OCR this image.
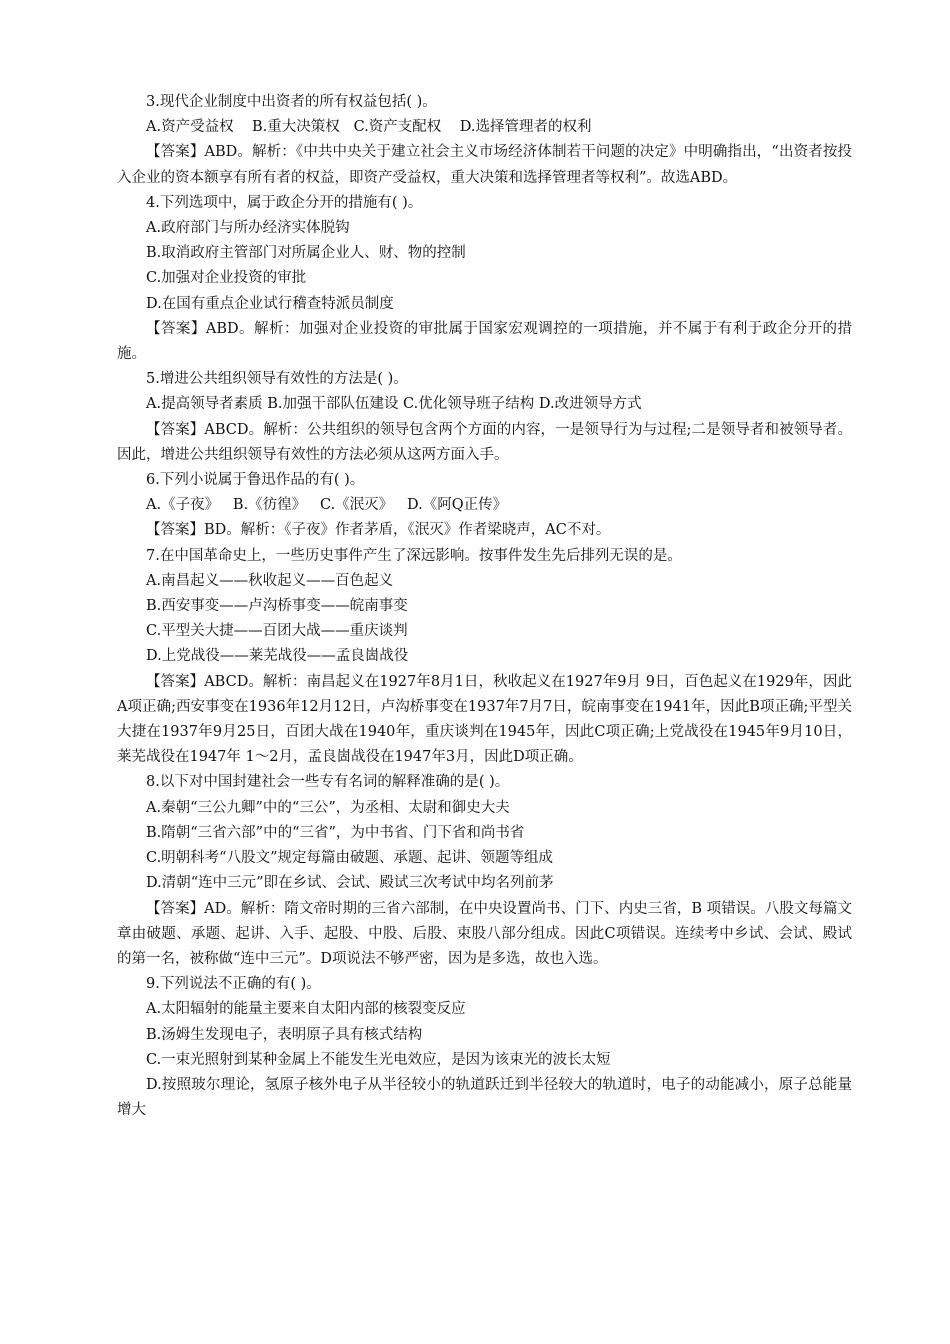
3.现代企业制度中出资者的所有权益包括( )。

A.资产受益权    B.重大决策权   C.资产支配权    D.选择管理者的权利

【答案】ABD。解析：《中共中央关于建立社会主义市场经济体制若干问题的决定》中明确指出，“出资者按投入企业的资本额享有所有者的权益，即资产受益权，重大决策和选择管理者等权利”。故选ABD。

4.下列选项中，属于政企分开的措施有( )。

A.政府部门与所办经济实体脱钩

B.取消政府主管部门对所属企业人、财、物的控制

C.加强对企业投资的审批

D.在国有重点企业试行稽查特派员制度

【答案】ABD。解析：加强对企业投资的审批属于国家宏观调控的一项措施，并不属于有利于政企分开的措施。

5.增进公共组织领导有效性的方法是( )。

A.提高领导者素质 B.加强干部队伍建设 C.优化领导班子结构 D.改进领导方式

【答案】ABCD。解析：公共组织的领导包含两个方面的内容，一是领导行为与过程;二是领导者和被领导者。因此，增进公共组织领导有效性的方法必须从这两方面入手。

6.下列小说属于鲁迅作品的有( )。

A.《子夜》   B.《彷徨》   C.《泯灭》   D.《阿Q正传》

【答案】BD。解析：《子夜》作者茅盾，《泯灭》作者梁晓声，AC不对。

7.在中国革命史上，一些历史事件产生了深远影响。按事件发生先后排列无误的是。

A.南昌起义——秋收起义——百色起义

B.西安事变——卢沟桥事变——皖南事变

C.平型关大捷——百团大战——重庆谈判

D.上党战役——莱芜战役——孟良崮战役

【答案】ABCD。解析：南昌起义在1927年8月1日，秋收起义在1927年9月 9日，百色起义在1929年，因此A项正确;西安事变在1936年12月12日，卢沟桥事变在1937年7月7日，皖南事变在1941年，因此B项正确;平型关大捷在1937年9月25日，百团大战在1940年，重庆谈判在1945年，因此C项正确;上党战役在1945年9月10日，莱芜战役在1947年 1～2月，孟良崮战役在1947年3月，因此D项正确。

8.以下对中国封建社会一些专有名词的解释准确的是( )。

A.秦朝“三公九卿”中的“三公”，为丞相、太尉和御史大夫

B.隋朝“三省六部”中的“三省”，为中书省、门下省和尚书省

C.明朝科考“八股文”规定每篇由破题、承题、起讲、领题等组成

D.清朝“连中三元”即在乡试、会试、殿试三次考试中均名列前茅

【答案】AD。解析：隋文帝时期的三省六部制，在中央设置尚书、门下、内史三省，B 项错误。八股文每篇文章由破题、承题、起讲、入手、起股、中股、后股、束股八部分组成。因此C项错误。连续考中乡试、会试、殿试的第一名，被称做“连中三元”。D项说法不够严密，因为是多选，故也入选。

9.下列说法不正确的有( )。

A.太阳辐射的能量主要来自太阳内部的核裂变反应

B.汤姆生发现电子，表明原子具有核式结构

C.一束光照射到某种金属上不能发生光电效应，是因为该束光的波长太短

D.按照玻尔理论，氢原子核外电子从半径较小的轨道跃迁到半径较大的轨道时，电子的动能减小，原子总能量增大
